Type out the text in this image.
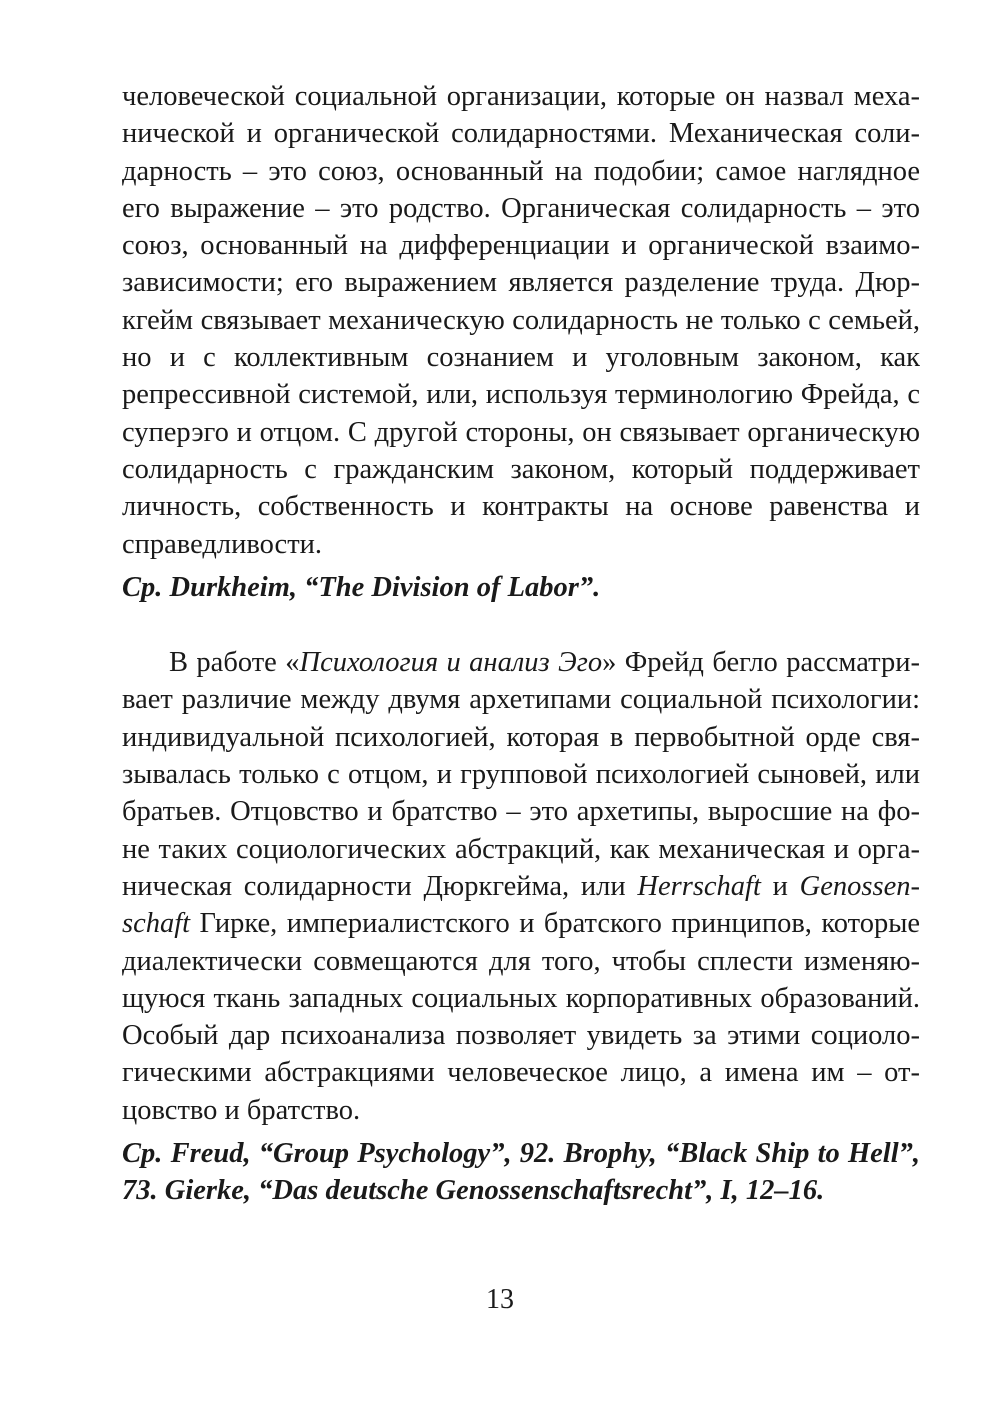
человеческой социальной организации, которые он назвал механической и органической солидарностями. Механическая солидарность – это союз, основанный на подобии; самое наглядное его выражение – это родство. Органическая солидарность – это союз, основанный на дифференциации и органической взаимозависимости; его выражением является разделение труда. Дюркгейм связывает механическую солидарность не только с семьей, но и с коллективным сознанием и уголовным законом, как репрессивной системой, или, используя терминологию Фрейда, с суперэго и отцом. С другой стороны, он связывает органическую солидарность с гражданским законом, который поддерживает личность, собственность и контракты на основе равенства и справедливости.

Cp. Durkheim, “The Division of Labor”.

В работе «Психология и анализ Эго» Фрейд бегло рассматривает различие между двумя архетипами социальной психологии: индивидуальной психологией, которая в первобытной орде связывалась только с отцом, и групповой психологией сыновей, или братьев. Отцовство и братство – это архетипы, выросшие на фоне таких социологических абстракций, как механическая и органическая солидарности Дюркгейма, или Herrschaft и Genossenschaft Гирке, империалистского и братского принципов, которые диалектически совмещаются для того, чтобы сплести изменяющуюся ткань западных социальных корпоративных образований. Особый дар психоанализа позволяет увидеть за этими социологическими абстракциями человеческое лицо, а имена им – отцовство и братство.

Cp. Freud, “Group Psychology”, 92. Brophy, “Black Ship to Hell”, 73. Gierke, “Das deutsche Genossenschaftsrecht”, I, 12–16.

13
